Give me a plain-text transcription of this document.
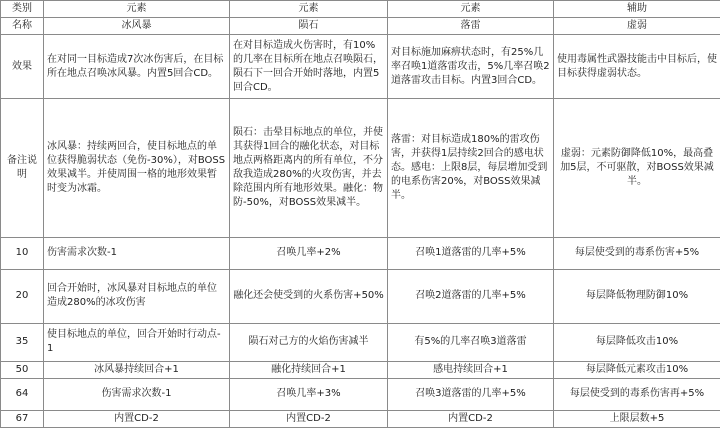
类别	元素	元素	元素	辅助
名称	冰风暴	陨石	落雷	虚弱
效果	在对同一目标造成7次冰伤害后，在目标所在地点召唤冰风暴。内置5回合CD。	在对目标造成火伤害时，有10%的几率在目标所在地点召唤陨石，陨石下一回合开始时落地，内置5回合CD。	对目标施加麻痹状态时，有25%几率召唤1道落雷攻击，5%几率召唤2道落雷攻击目标。内置3回合CD。	使用毒属性武器技能击中目标后，使目标获得虚弱状态。
备注说明	冰风暴：持续两回合，使目标地点的单位获得脆弱状态（免伤-30%），对BOSS效果减半。并使周围一格的地形效果暂时变为冰霜。	陨石：击晕目标地点的单位，并使其获得1回合的融化状态，对目标地点两格距离内的所有单位，不分敌我造成280%的火攻伤害，并去除范围内所有地形效果。融化：物防-50%，对BOSS效果减半。	落雷：对目标造成180%的雷攻伤害，并获得1层持续2回合的感电状态。感电：上限8层，每层增加受到的电系伤害20%，对BOSS效果减半。	虚弱：元素防御降低10%，最高叠加5层，不可驱散，对BOSS效果减半。
10	伤害需求次数-1	召唤几率+2%	召唤1道落雷的几率+5%	每层使受到的毒系伤害+5%
20	回合开始时，冰风暴对目标地点的单位造成280%的冰攻伤害	融化还会使受到的火系伤害+50%	召唤2道落雷的几率+5%	每层降低物理防御10%
35	使目标地点的单位，回合开始时行动点-1	陨石对己方的火焰伤害减半	有5%的几率召唤3道落雷	每层降低攻击10%
50	冰风暴持续回合+1	融化持续回合+1	感电持续回合+1	每层降低元素攻击10%
64	伤害需求次数-1	召唤几率+3%	召唤3道落雷的几率+5%	每层使受到的毒系伤害再+5%
67	内置CD-2	内置CD-2	内置CD-2	上限层数+5
